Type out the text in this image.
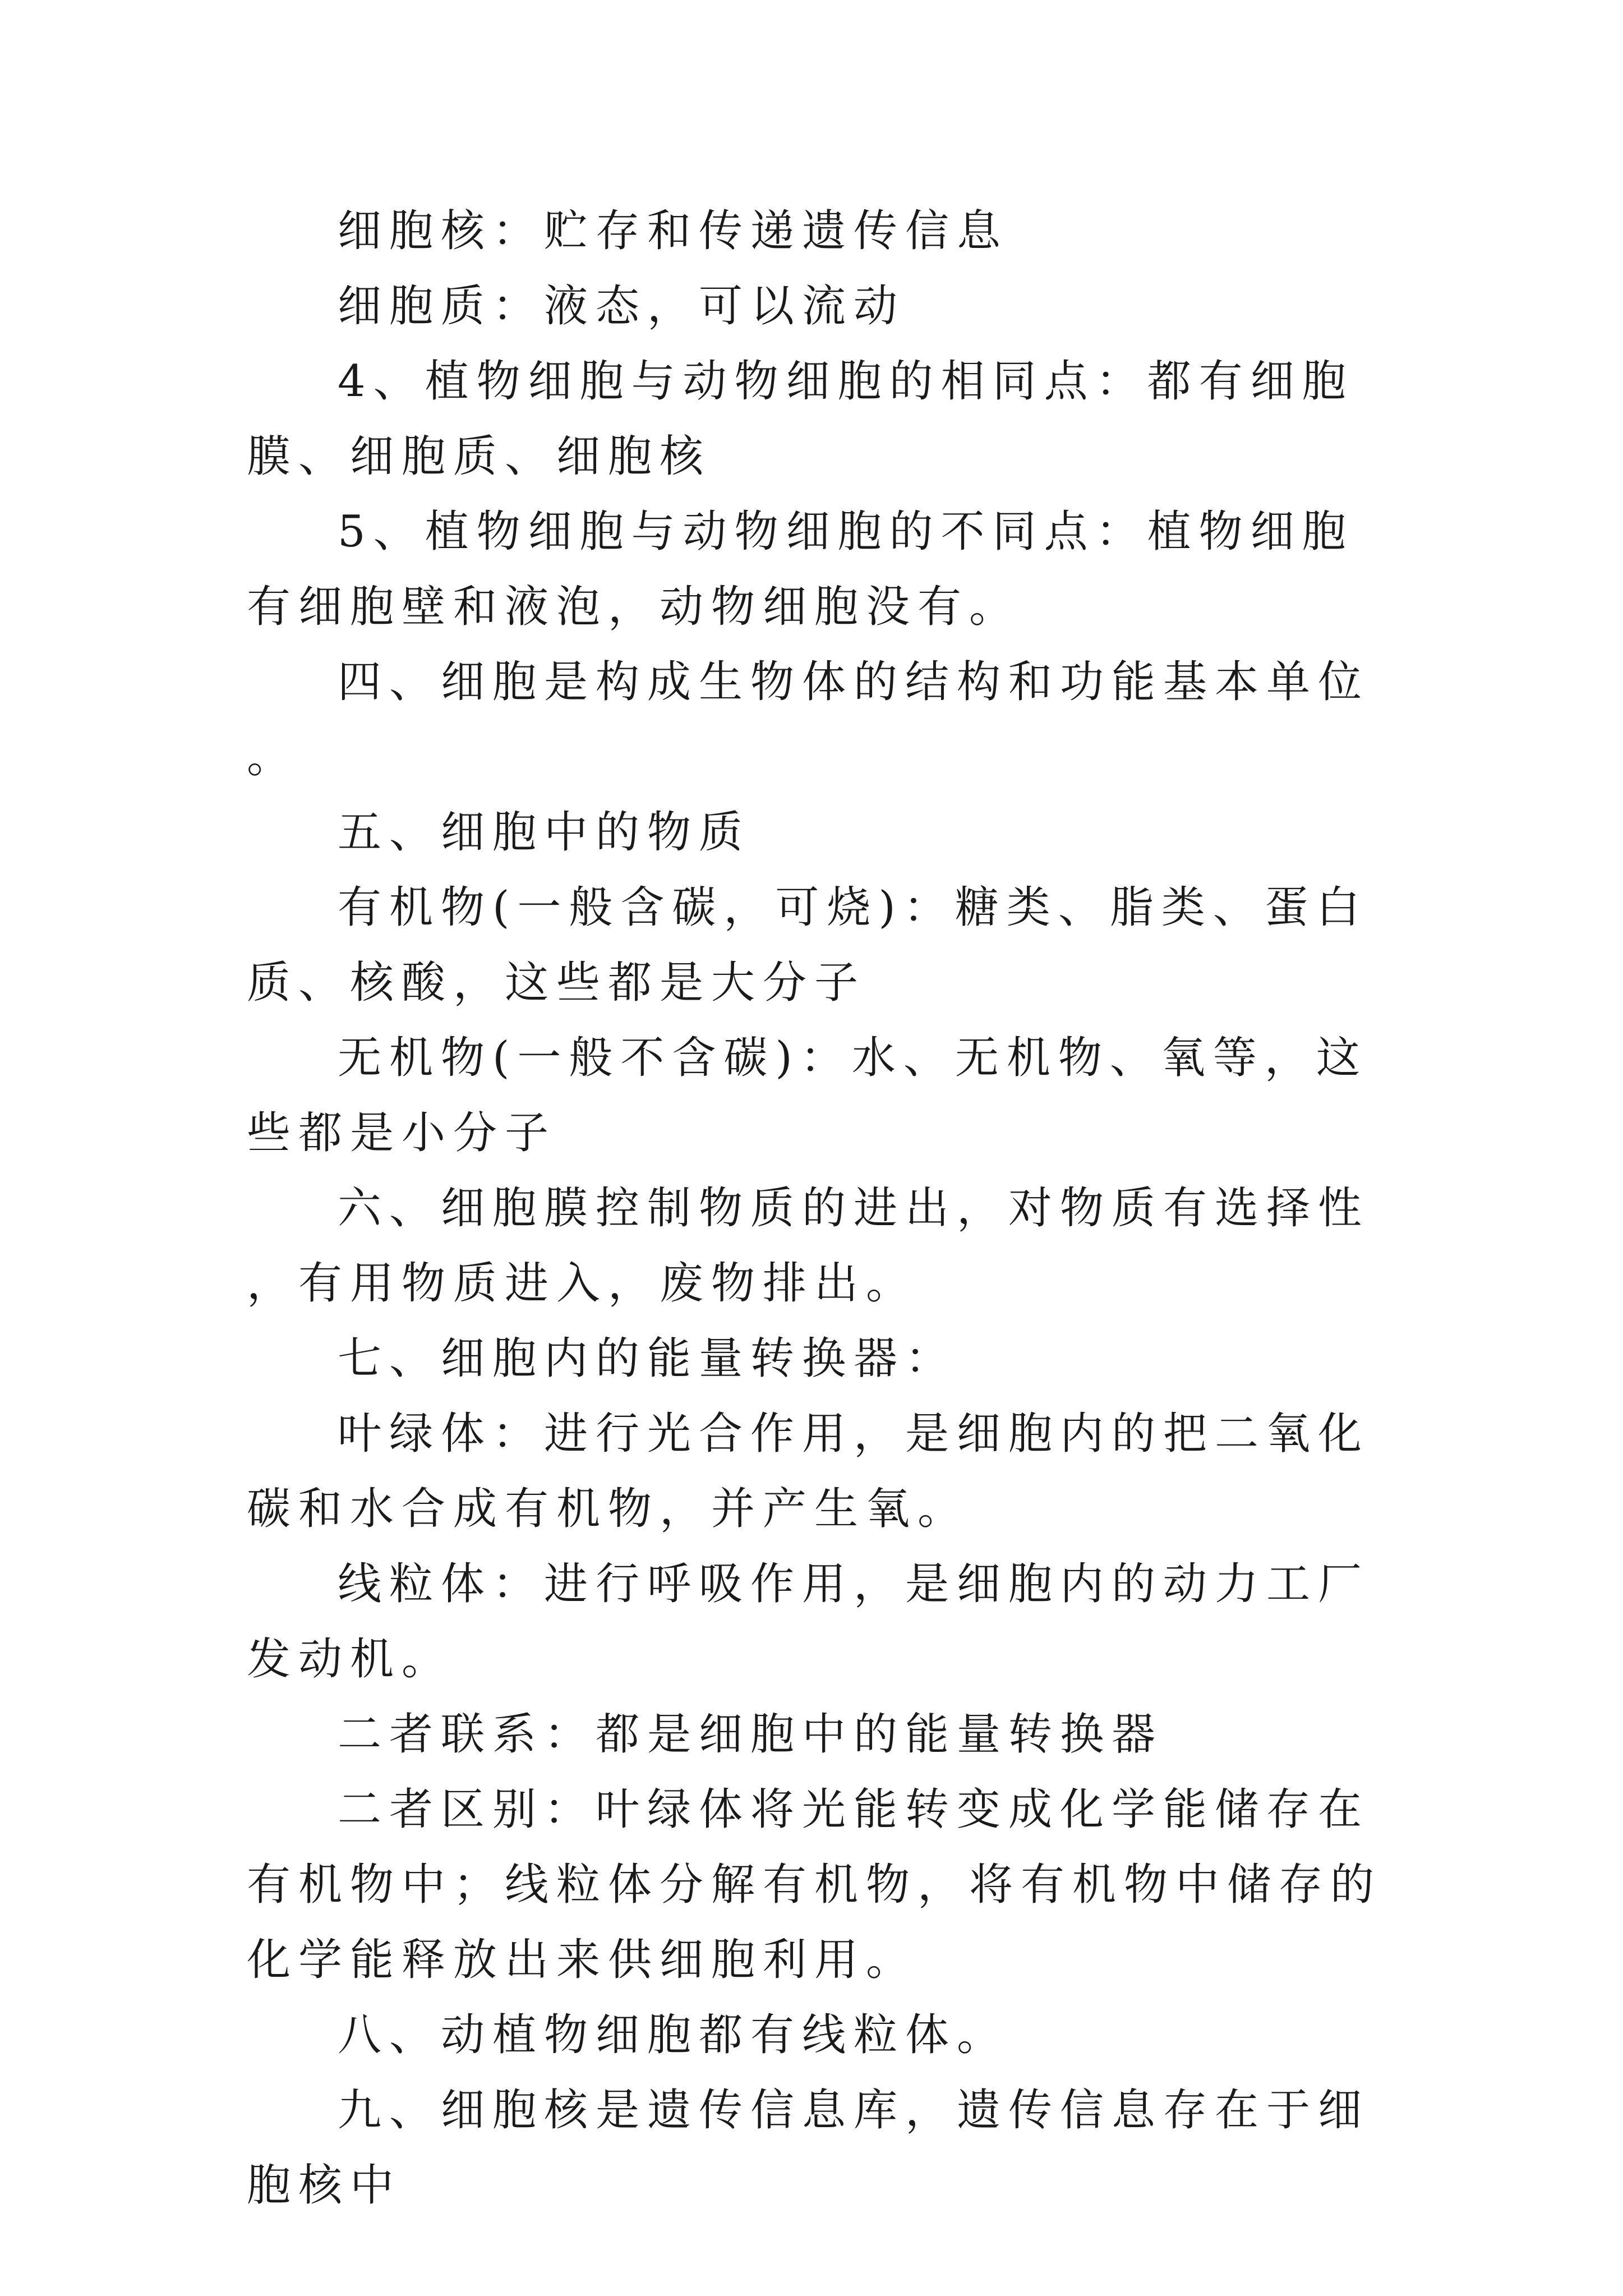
细胞核：贮存和传递遗传信息

细胞质：液态，可以流动

4、植物细胞与动物细胞的相同点：都有细胞膜、细胞质、细胞核

5、植物细胞与动物细胞的不同点：植物细胞有细胞壁和液泡，动物细胞没有。

四、细胞是构成生物体的结构和功能基本单位。

五、细胞中的物质

有机物(一般含碳，可烧)：糖类、脂类、蛋白质、核酸，这些都是大分子

无机物(一般不含碳)：水、无机物、氧等，这些都是小分子

六、细胞膜控制物质的进出，对物质有选择性，有用物质进入，废物排出。

七、细胞内的能量转换器：

叶绿体：进行光合作用，是细胞内的把二氧化碳和水合成有机物，并产生氧。

线粒体：进行呼吸作用，是细胞内的动力工厂发动机。

二者联系：都是细胞中的能量转换器

二者区别：叶绿体将光能转变成化学能储存在有机物中；线粒体分解有机物，将有机物中储存的化学能释放出来供细胞利用。

八、动植物细胞都有线粒体。

九、细胞核是遗传信息库，遗传信息存在于细胞核中
